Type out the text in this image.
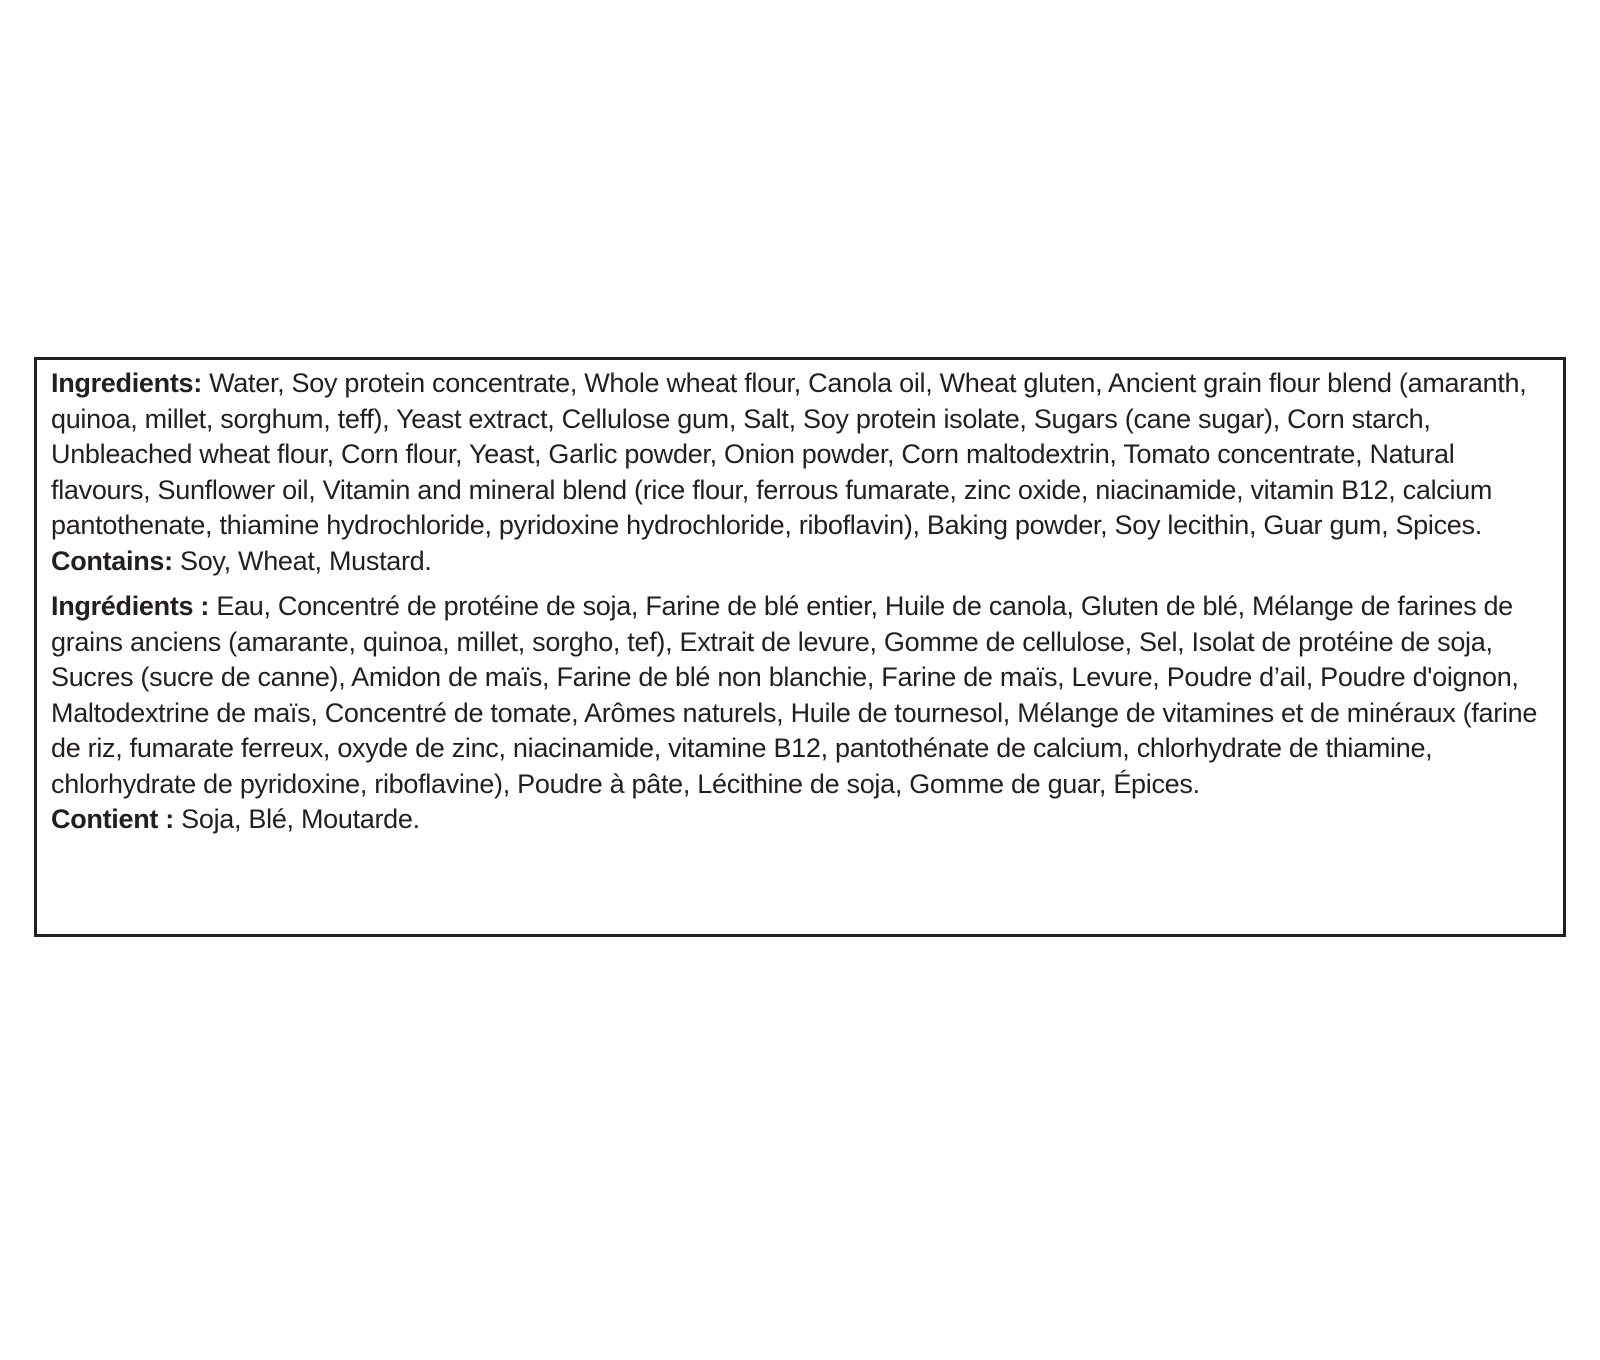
Ingredients: Water, Soy protein concentrate, Whole wheat flour, Canola oil, Wheat gluten, Ancient grain flour blend (amaranth, quinoa, millet, sorghum, teff), Yeast extract, Cellulose gum, Salt, Soy protein isolate, Sugars (cane sugar), Corn starch, Unbleached wheat flour, Corn flour, Yeast, Garlic powder, Onion powder, Corn maltodextrin, Tomato concentrate, Natural flavours, Sunflower oil, Vitamin and mineral blend (rice flour, ferrous fumarate, zinc oxide, niacinamide, vitamin B12, calcium pantothenate, thiamine hydrochloride, pyridoxine hydrochloride, riboflavin), Baking powder, Soy lecithin, Guar gum, Spices.

Contains: Soy, Wheat, Mustard.

Ingrédients : Eau, Concentré de protéine de soja, Farine de blé entier, Huile de canola, Gluten de blé, Mélange de farines de grains anciens (amarante, quinoa, millet, sorgho, tef), Extrait de levure, Gomme de cellulose, Sel, Isolat de protéine de soja, Sucres (sucre de canne), Amidon de maïs, Farine de blé non blanchie, Farine de maïs, Levure, Poudre d’ail, Poudre d'oignon, Maltodextrine de maïs, Concentré de tomate, Arômes naturels, Huile de tournesol, Mélange de vitamines et de minéraux (farine de riz, fumarate ferreux, oxyde de zinc, niacinamide, vitamine B12, pantothénate de calcium, chlorhydrate de thiamine, chlorhydrate de pyridoxine, riboflavine), Poudre à pâte, Lécithine de soja, Gomme de guar, Épices.

Contient : Soja, Blé, Moutarde.
